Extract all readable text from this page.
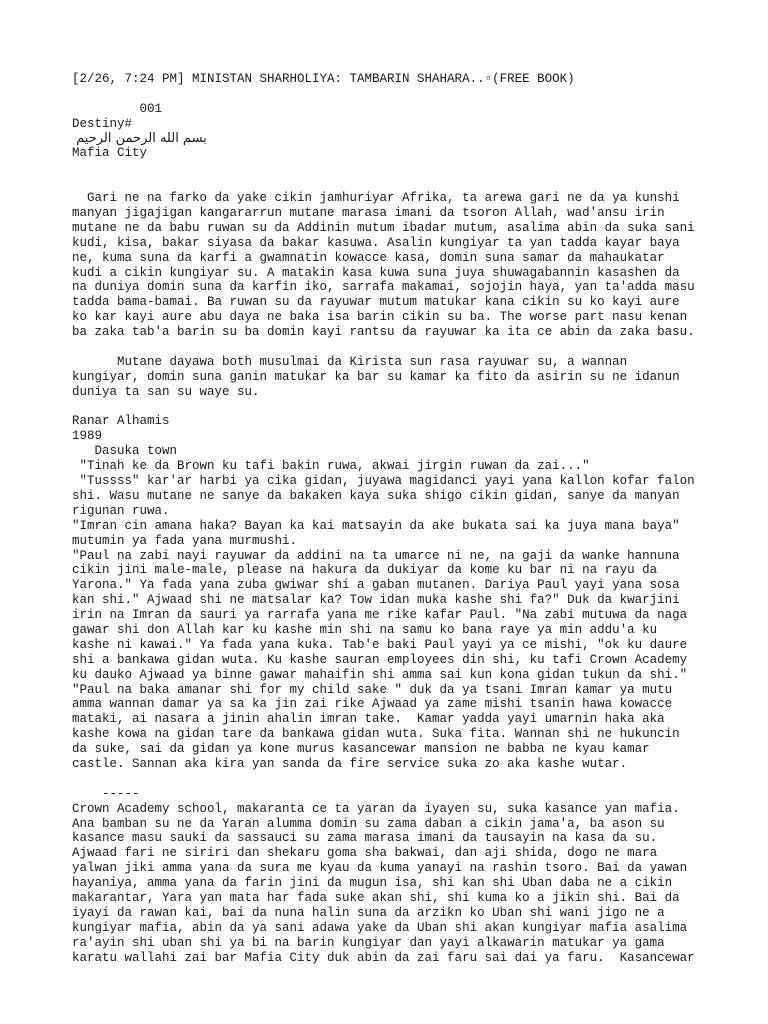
[2/26, 7:24 PM] MINISTAN SHARHOLIYA: TAMBARIN SHAHARA..▫(FREE BOOK)

001
Destiny#
بسم الله الرحمن الرحيم
Mafia City

Gari ne na farko da yake cikin jamhuriyar Afrika, ta arewa gari ne da ya kunshi
manyan jigajigan kangararrun mutane marasa imani da tsoron Allah, wad'ansu irin
mutane ne da babu ruwan su da Addinin mutum ibadar mutum, asalima abin da suka sani
kudi, kisa, bakar siyasa da bakar kasuwa. Asalin kungiyar ta yan tadda kayar baya
ne, kuma suna da karfi a gwamnatin kowacce kasa, domin suna samar da mahaukatar
kudi a cikin kungiyar su. A matakin kasa kuwa suna juya shuwagabannin kasashen da
na duniya domin suna da karfin iko, sarrafa makamai, sojojin haya, yan ta'adda masu
tadda bama-bamai. Ba ruwan su da rayuwar mutum matukar kana cikin su ko kayi aure
ko kar kayi aure abu daya ne baka isa barin cikin su ba. The worse part nasu kenan
ba zaka tab'a barin su ba domin kayi rantsu da rayuwar ka ita ce abin da zaka basu.

Mutane dayawa both musulmai da Kirista sun rasa rayuwar su, a wannan
kungiyar, domin suna ganin matukar ka bar su kamar ka fito da asirin su ne idanun
duniya ta san su waye su.

Ranar Alhamis
1989
Dasuka town
"Tinah ke da Brown ku tafi bakin ruwa, akwai jirgin ruwan da zai..."
"Tussss" kar'ar harbi ya cika gidan, juyawa magidanci yayi yana kallon kofar falon
shi. Wasu mutane ne sanye da bakaken kaya suka shigo cikin gidan, sanye da manyan
rigunan ruwa.
"Imran cin amana haka? Bayan ka kai matsayin da ake bukata sai ka juya mana baya"
mutumin ya fada yana murmushi.
"Paul na zabi nayi rayuwar da addini na ta umarce ni ne, na gaji da wanke hannuna
cikin jini male-male, please na hakura da dukiyar da kome ku bar ni na rayu da
Yarona." Ya fada yana zuba gwiwar shi a gaban mutanen. Dariya Paul yayi yana sosa
kan shi." Ajwaad shi ne matsalar ka? Tow idan muka kashe shi fa?" Duk da kwarjini
irin na Imran da sauri ya rarrafa yana me rike kafar Paul. "Na zabi mutuwa da naga
gawar shi don Allah kar ku kashe min shi na samu ko bana raye ya min addu'a ku
kashe ni kawai." Ya fada yana kuka. Tab'e baki Paul yayi ya ce mishi, "ok ku daure
shi a bankawa gidan wuta. Ku kashe sauran employees din shi, ku tafi Crown Academy
ku dauko Ajwaad ya binne gawar mahaifin shi amma sai kun kona gidan tukun da shi."
"Paul na baka amanar shi for my child sake " duk da ya tsani Imran kamar ya mutu
amma wannan damar ya sa ka jin zai rike Ajwaad ya zame mishi tsanin hawa kowacce
mataki, ai nasara a jinin ahalin imran take.  Kamar yadda yayi umarnin haka aka
kashe kowa na gidan tare da bankawa gidan wuta. Suka fita. Wannan shi ne hukuncin
da suke, sai da gidan ya kone murus kasancewar mansion ne babba ne kyau kamar
castle. Sannan aka kira yan sanda da fire service suka zo aka kashe wutar.

-----
Crown Academy school, makaranta ce ta yaran da iyayen su, suka kasance yan mafia.
Ana bamban su ne da Yaran alumma domin su zama daban a cikin jama'a, ba ason su
kasance masu sauki da sassauci su zama marasa imani da tausayin na kasa da su.
Ajwaad fari ne siriri dan shekaru goma sha bakwai, dan aji shida, dogo ne mara
yalwan jiki amma yana da sura me kyau da kuma yanayi na rashin tsoro. Bai da yawan
hayaniya, amma yana da farin jini da mugun isa, shi kan shi Uban daba ne a cikin
makarantar, Yara yan mata har fada suke akan shi, shi kuma ko a jikin shi. Bai da
iyayi da rawan kai, bai da nuna halin suna da arzikn ko Uban shi wani jigo ne a
kungiyar mafia, abin da ya sani adawa yake da Uban shi akan kungiyar mafia asalima
ra'ayin shi uban shi ya bi na barin kungiyar dan yayi alkawarin matukar ya gama
karatu wallahi zai bar Mafia City duk abin da zai faru sai dai ya faru.  Kasancewar
